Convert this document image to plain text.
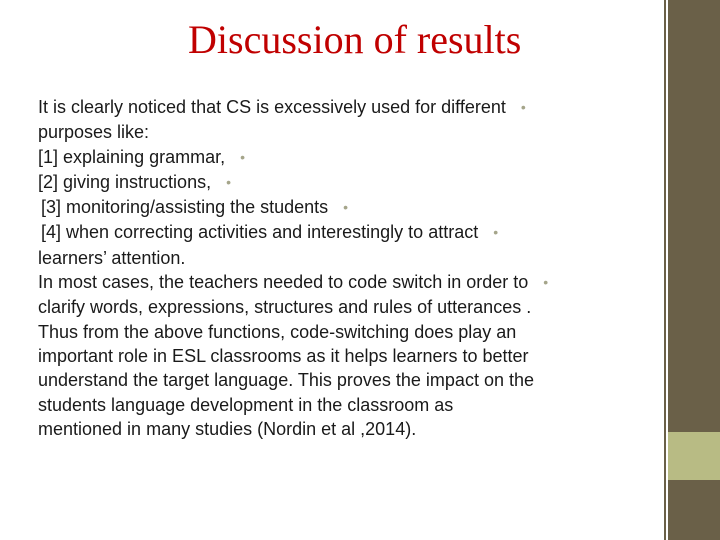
Discussion of results
It is clearly noticed that CS is excessively used for different •
purposes like:
[1] explaining grammar, •
[2] giving instructions, •
[3] monitoring/assisting the students •
[4] when correcting activities and interestingly to attract •
learners’ attention.
In most cases, the teachers needed to code switch in order to •
clarify words, expressions, structures and rules of utterances .
Thus from the above functions, code-switching does play an
important role in ESL classrooms as it helps learners to better
understand the target language. This proves the impact on the
students language development in the classroom as
mentioned in many studies (Nordin et al ,2014).
